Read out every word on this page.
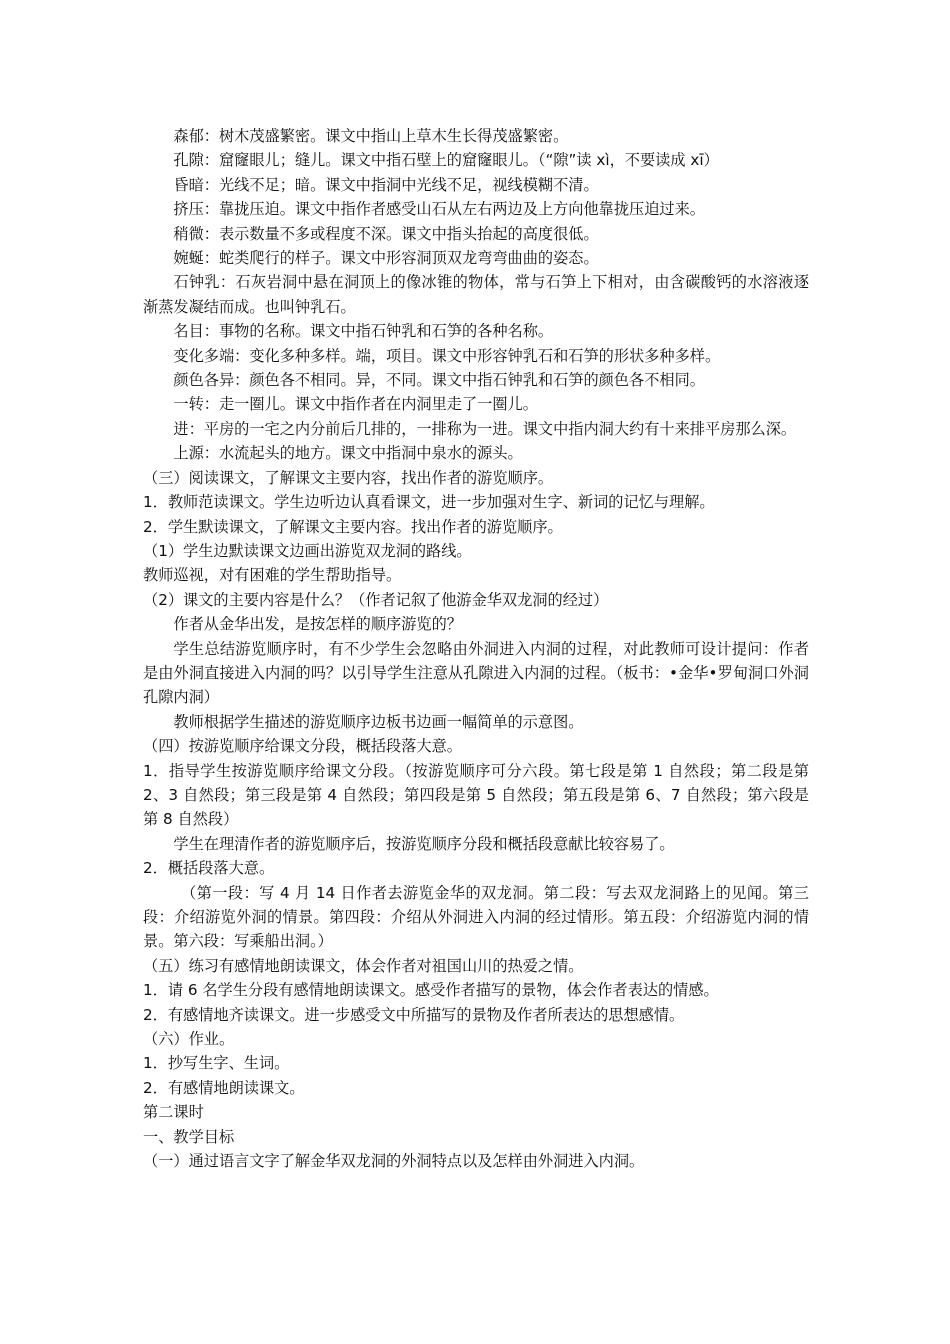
森郁：树木茂盛繁密。课文中指山上草木生长得茂盛繁密。

孔隙：窟窿眼儿；缝儿。课文中指石壁上的窟窿眼儿。（“隙”读 xì，不要读成 xī）

昏暗：光线不足；暗。课文中指洞中光线不足，视线模糊不清。

挤压：靠拢压迫。课文中指作者感受山石从左右两边及上方向他靠拢压迫过来。

稍微：表示数量不多或程度不深。课文中指头抬起的高度很低。

婉蜒：蛇类爬行的样子。课文中形容洞顶双龙弯弯曲曲的姿态。

石钟乳：石灰岩洞中悬在洞顶上的像冰锥的物体，常与石笋上下相对，由含碳酸钙的水溶液逐渐蒸发凝结而成。也叫钟乳石。

名目：事物的名称。课文中指石钟乳和石笋的各种名称。

变化多端：变化多种多样。端，项目。课文中形容钟乳石和石笋的形状多种多样。

颜色各异：颜色各不相同。异，不同。课文中指石钟乳和石笋的颜色各不相同。

一转：走一圈儿。课文中指作者在内洞里走了一圈儿。

进：平房的一宅之内分前后几排的，一排称为一进。课文中指内洞大约有十来排平房那么深。

上源：水流起头的地方。课文中指洞中泉水的源头。

（三）阅读课文，了解课文主要内容，找出作者的游览顺序。

1．教师范读课文。学生边听边认真看课文，进一步加强对生字、新词的记忆与理解。

2．学生默读课文，了解课文主要内容。找出作者的游览顺序。

（1）学生边默读课文边画出游览双龙洞的路线。

教师巡视，对有困难的学生帮助指导。

（2）课文的主要内容是什么？（作者记叙了他游金华双龙洞的经过）

作者从金华出发，是按怎样的顺序游览的？

学生总结游览顺序时，有不少学生会忽略由外洞进入内洞的过程，对此教师可设计提问：作者是由外洞直接进入内洞的吗？以引导学生注意从孔隙进入内洞的过程。（板书：•金华•罗甸洞口外洞孔隙内洞）

教师根据学生描述的游览顺序边板书边画一幅简单的示意图。

（四）按游览顺序给课文分段，概括段落大意。

1．指导学生按游览顺序给课文分段。（按游览顺序可分六段。第七段是第 1 自然段；第二段是第 2、3 自然段；第三段是第 4 自然段；第四段是第 5 自然段；第五段是第 6、7 自然段；第六段是第 8 自然段）

学生在理清作者的游览顺序后，按游览顺序分段和概括段意献比较容易了。

2．概括段落大意。

（第一段：写 4 月 14 日作者去游览金华的双龙洞。第二段：写去双龙洞路上的见闻。第三段：介绍游览外洞的情景。第四段：介绍从外洞进入内洞的经过情形。第五段：介绍游览内洞的情景。第六段：写乘船出洞。）

（五）练习有感情地朗读课文，体会作者对祖国山川的热爱之情。

1．请 6 名学生分段有感情地朗读课文。感受作者描写的景物，体会作者表达的情感。

2．有感情地齐读课文。进一步感受文中所描写的景物及作者所表达的思想感情。

（六）作业。

1．抄写生字、生词。

2．有感情地朗读课文。

第二课时

一、教学目标

（一）通过语言文字了解金华双龙洞的外洞特点以及怎样由外洞进入内洞。
